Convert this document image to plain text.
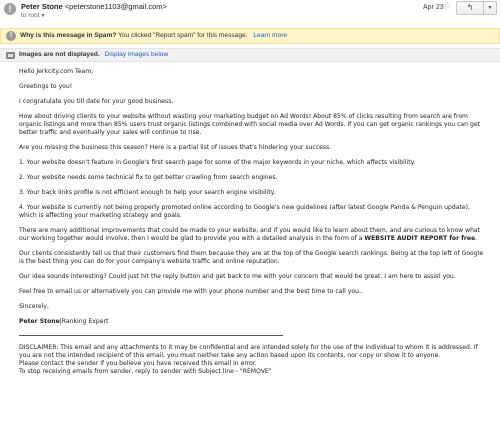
!	Peter Stone <peterstone1103@gmail.com>
to root▼
Apr 23 ☆	↰	▼
!	Why is this message in Spam? You clicked "Report spam" for this message. Learn more
Images are not displayed. Display images below

Hello Jerkcity.com Team,

Greetings to you!

I congratulate you till date for your good business.

How about driving clients to your website without wasting your marketing budget on Ad Words! About 85% of clicks resulting from search are from organic listings and more than 85% users trust organic listings combined with social media over Ad Words. If you can get organic rankings you can get better traffic and eventually your sales will continue to rise.

Are you missing the business this season? Here is a partial list of issues that's hindering your success.

1. Your website doesn't feature in Google's first search page for some of the major keywords in your niche, which affects visibility.

2. Your website needs some technical fix to get better crawling from search engines.

3. Your back links profile is not efficient enough to help your search engine visibility.

4. Your website is currently not being properly promoted online according to Google's new guidelines (after latest Google Panda & Penguin update), which is affecting your marketing strategy and goals.

There are many additional improvements that could be made to your website, and if you would like to learn about them, and are curious to know what our working together would involve, then I would be glad to provide you with a detailed analysis in the form of a WEBSITE AUDIT REPORT for free.

Our clients consistently tell us that their customers find them because they are at the top of the Google search rankings. Being at the top left of Google is the best thing you can do for your company's website traffic and online reputation.

Our idea sounds interesting? Could just hit the reply button and get back to me with your concern that would be great. I am here to assist you.

Feel free to email us or alternatively you can provide me with your phone number and the best time to call you..

Sincerely,

Peter Stone|Ranking Expert

DISCLAIMER: This email and any attachments to it may be confidential and are intended solely for the use of the individual to whom it is addressed. If you are not the intended recipient of this email, you must neither take any action based upon its contents, nor copy or show it to anyone.

Please contact the sender if you believe you have received this email in error.

To stop receiving emails from sender, reply to sender with Subject line - "REMOVE"
